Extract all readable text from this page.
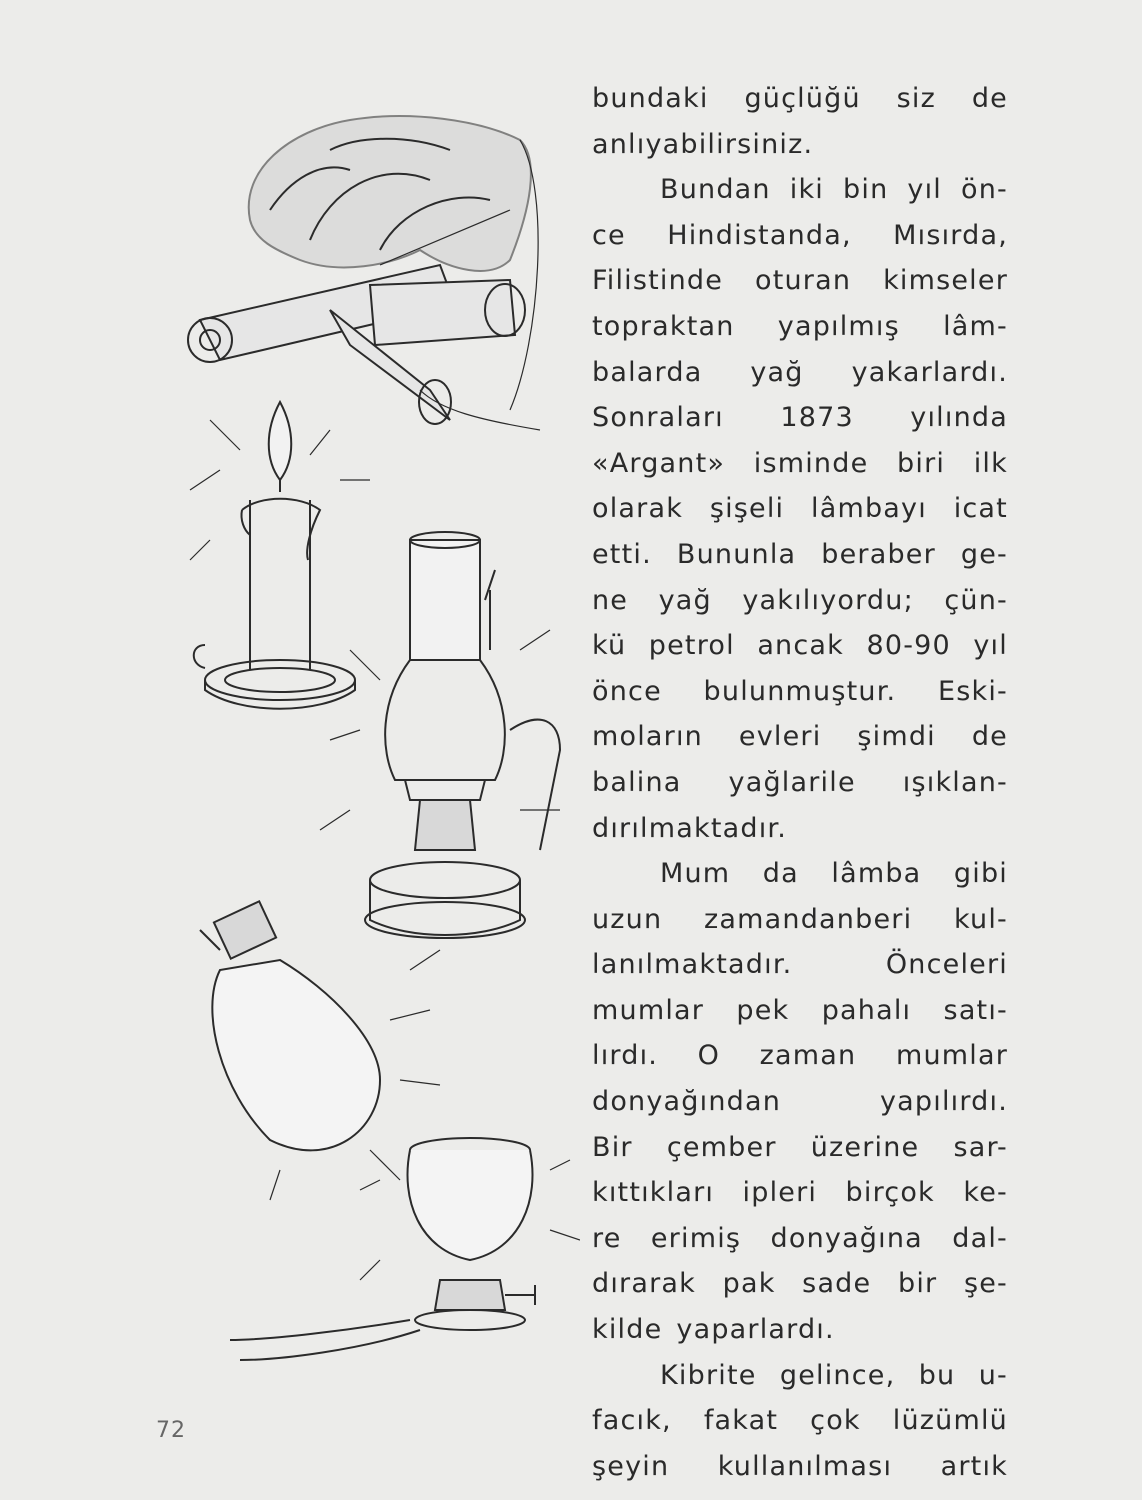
bundaki güçlüğü siz de
anlıyabilirsiniz.
Bundan iki bin yıl ön-
ce Hindistanda, Mısırda,
Filistinde oturan kimseler
topraktan yapılmış lâm-
balarda yağ yakarlardı.
Sonraları 1873 yılında
«Argant» isminde biri ilk
olarak şişeli lâmbayı icat
etti. Bununla beraber ge-
ne yağ yakılıyordu; çün-
kü petrol ancak 80-90 yıl
önce bulunmuştur. Eski-
moların evleri şimdi de
balina yağlarile ışıklan-
dırılmaktadır.
Mum da lâmba gibi
uzun zamandanberi kul-
lanılmaktadır.	Önceleri
mumlar pek pahalı satı-
lırdı. O zaman mumlar
donyağından	yapılırdı.
Bir çember üzerine sar-
kıttıkları ipleri birçok ke-
re erimiş donyağına dal-
dırarak pak sade bir şe-
kilde yaparlardı.
Kibrite gelince, bu u-
facık, fakat çok lüzümlü
şeyin kullanılması artık
72
